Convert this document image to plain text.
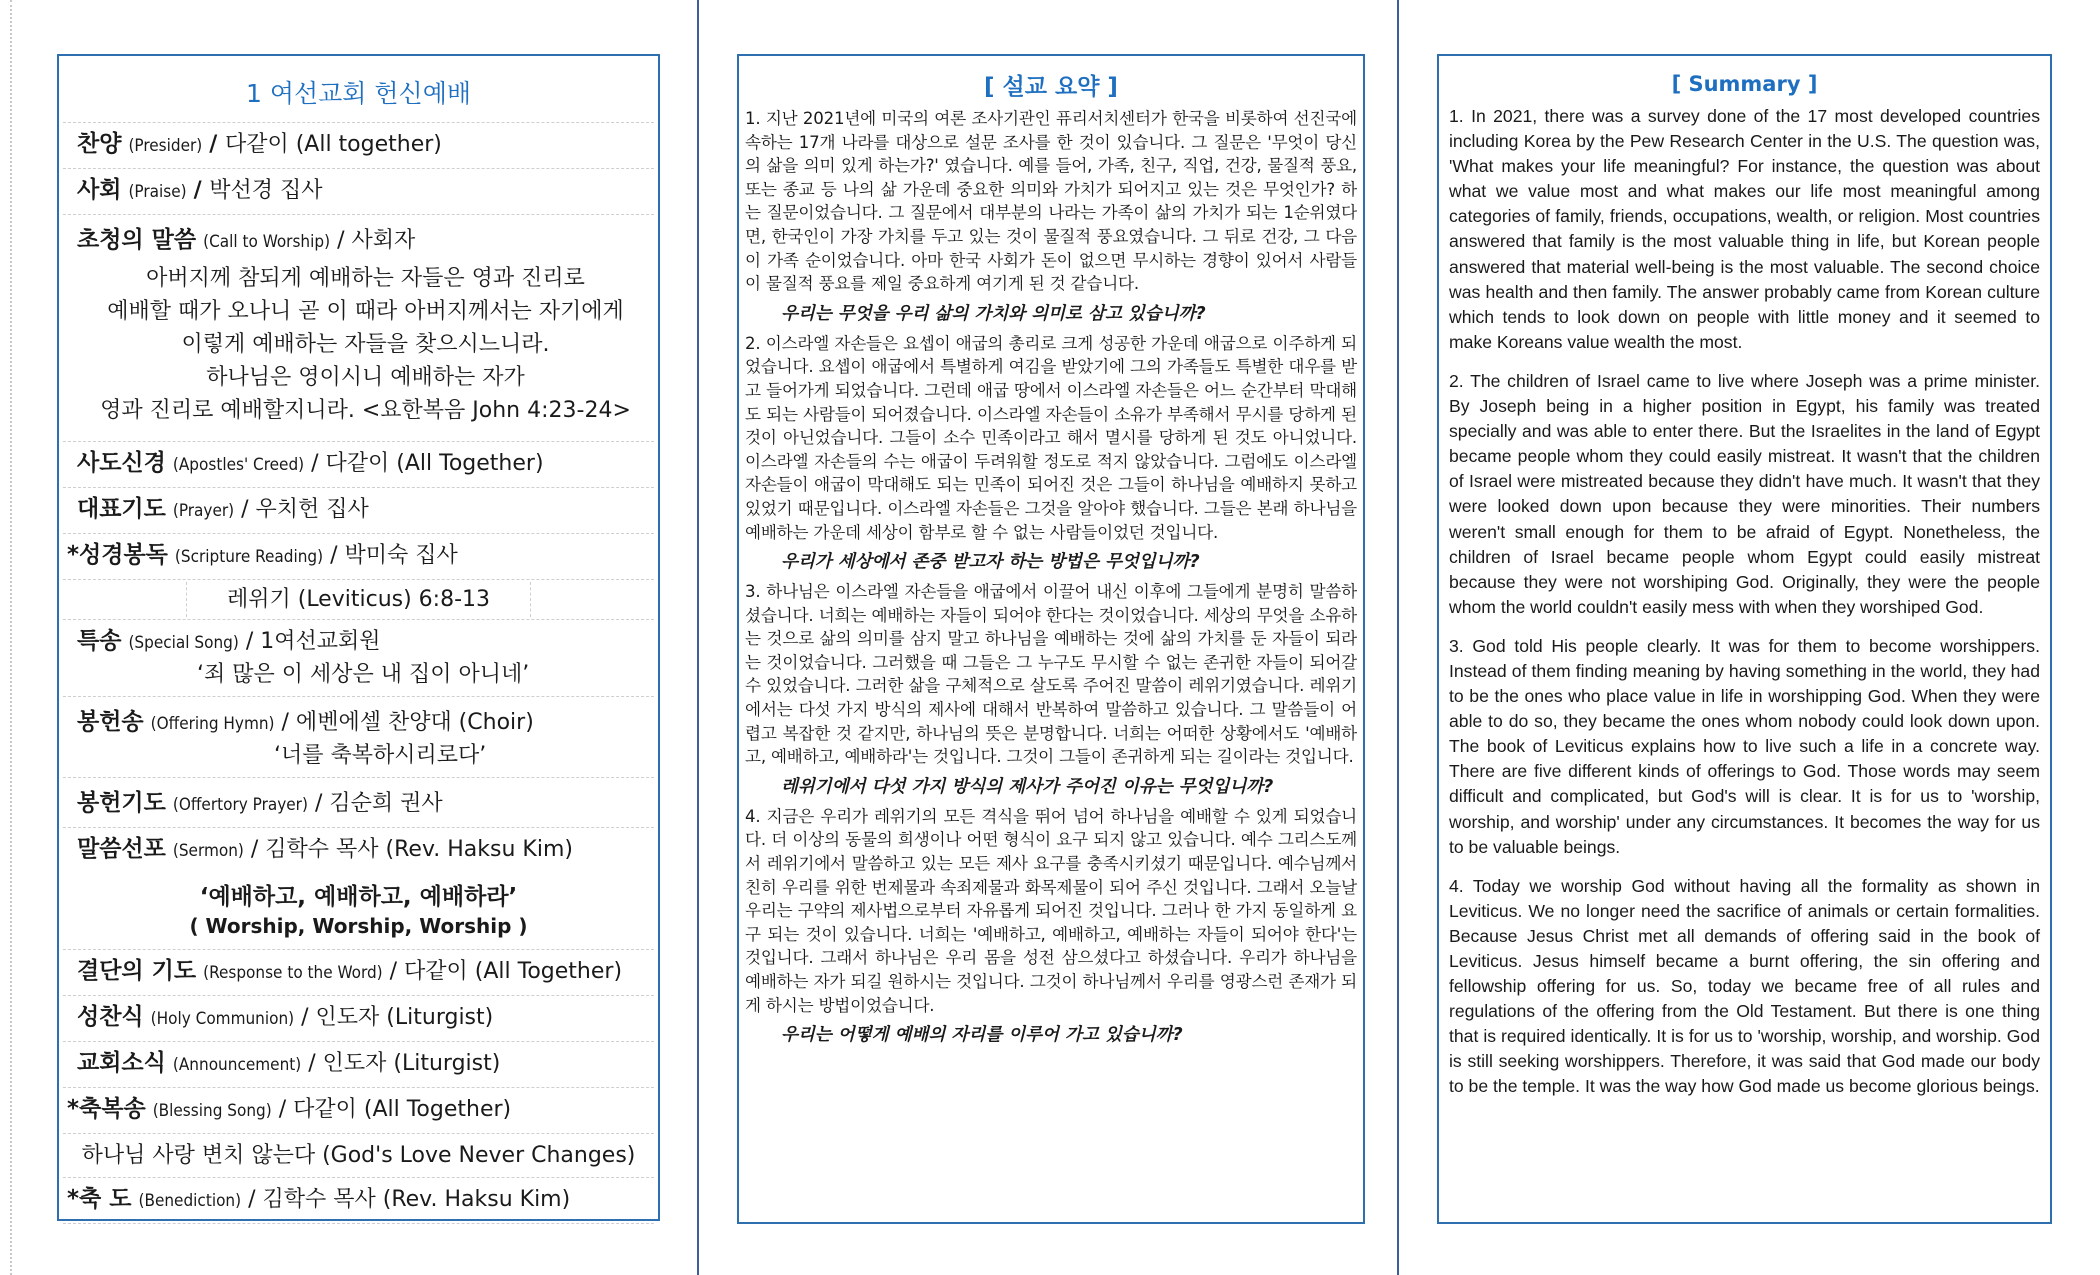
1 여선교회 헌신예배
찬양 (Presider) / 다같이 (All together)
사회 (Praise) / 박선경 집사
초청의 말씀 (Call to Worship) / 사회자
아버지께 참되게 예배하는 자들은 영과 진리로
예배할 때가 오나니 곧 이 때라 아버지께서는 자기에게
이렇게 예배하는 자들을 찾으시느니라.
하나님은 영이시니 예배하는 자가
영과 진리로 예배할지니라. <요한복음 John 4:23-24>
사도신경 (Apostles' Creed) / 다같이 (All Together)
대표기도 (Prayer) / 우치헌 집사
*성경봉독 (Scripture Reading) / 박미숙 집사
레위기 (Leviticus) 6:8-13
특송 (Special Song) / 1여선교회원
‘죄 많은 이 세상은 내 집이 아니네’
봉헌송 (Offering Hymn) / 에벤에셀 찬양대 (Choir)
‘너를 축복하시리로다’
봉헌기도 (Offertory Prayer) / 김순희 권사
말씀선포 (Sermon) / 김학수 목사 (Rev. Haksu Kim)
‘예배하고, 예배하고, 예배하라’
( Worship, Worship, Worship )
결단의 기도 (Response to the Word) / 다같이 (All Together)
성찬식 (Holy Communion) / 인도자 (Liturgist)
교회소식 (Announcement) / 인도자 (Liturgist)
*축복송 (Blessing Song) / 다같이 (All Together)
하나님 사랑 변치 않는다 (God's Love Never Changes)
*축 도 (Benediction) / 김학수 목사 (Rev. Haksu Kim)
[ 설교 요약 ]

1. 지난 2021년에 미국의 여론 조사기관인 퓨리서치센터가 한국을 비롯하여 선진국에 속하는 17개 나라를 대상으로 설문 조사를 한 것이 있습니다. 그 질문은 '무엇이 당신의 삶을 의미 있게 하는가?' 였습니다. 예를 들어, 가족, 친구, 직업, 건강, 물질적 풍요, 또는 종교 등 나의 삶 가운데 중요한 의미와 가치가 되어지고 있는 것은 무엇인가? 하는 질문이었습니다. 그 질문에서 대부분의 나라는 가족이 삶의 가치가 되는 1순위였다면, 한국인이 가장 가치를 두고 있는 것이 물질적 풍요였습니다. 그 뒤로 건강, 그 다음이 가족 순이었습니다. 아마 한국 사회가 돈이 없으면 무시하는 경향이 있어서 사람들이 물질적 풍요를 제일 중요하게 여기게 된 것 같습니다.

우리는 무엇을 우리 삶의 가치와 의미로 삼고 있습니까?

2. 이스라엘 자손들은 요셉이 애굽의 총리로 크게 성공한 가운데 애굽으로 이주하게 되었습니다. 요셉이 애굽에서 특별하게 여김을 받았기에 그의 가족들도 특별한 대우를 받고 들어가게 되었습니다. 그런데 애굽 땅에서 이스라엘 자손들은 어느 순간부터 막대해도 되는 사람들이 되어졌습니다. 이스라엘 자손들이 소유가 부족해서 무시를 당하게 된 것이 아닌었습니다. 그들이 소수 민족이라고 해서 멸시를 당하게 된 것도 아니었니다. 이스라엘 자손들의 수는 애굽이 두려워할 정도로 적지 않았습니다. 그럼에도 이스라엘 자손들이 애굽이 막대해도 되는 민족이 되어진 것은 그들이 하나님을 예배하지 못하고 있었기 때문입니다. 이스라엘 자손들은 그것을 알아야 했습니다. 그들은 본래 하나님을 예배하는 가운데 세상이 함부로 할 수 없는 사람들이었던 것입니다.

우리가 세상에서 존중 받고자 하는 방법은 무엇입니까?

3. 하나님은 이스라엘 자손들을 애굽에서 이끌어 내신 이후에 그들에게 분명히 말씀하셨습니다. 너희는 예배하는 자들이 되어야 한다는 것이었습니다. 세상의 무엇을 소유하는 것으로 삶의 의미를 삼지 말고 하나님을 예배하는 것에 삶의 가치를 둔 자들이 되라는 것이었습니다. 그러했을 때 그들은 그 누구도 무시할 수 없는 존귀한 자들이 되어갈 수 있었습니다. 그러한 삶을 구체적으로 살도록 주어진 말씀이 레위기였습니다. 레위기에서는 다섯 가지 방식의 제사에 대해서 반복하여 말씀하고 있습니다. 그 말씀들이 어렵고 복잡한 것 같지만, 하나님의 뜻은 분명합니다. 너희는 어떠한 상황에서도 '예배하고, 예배하고, 예배하라'는 것입니다. 그것이 그들이 존귀하게 되는 길이라는 것입니다.

레위기에서 다섯 가지 방식의 제사가 주어진 이유는 무엇입니까?

4. 지금은 우리가 레위기의 모든 격식을 뛰어 넘어 하나님을 예배할 수 있게 되었습니다. 더 이상의 동물의 희생이나 어떤 형식이 요구 되지 않고 있습니다. 예수 그리스도께서 레위기에서 말씀하고 있는 모든 제사 요구를 충족시키셨기 때문입니다. 예수님께서 친히 우리를 위한 번제물과 속죄제물과 화목제물이 되어 주신 것입니다. 그래서 오늘날 우리는 구약의 제사법으로부터 자유롭게 되어진 것입니다. 그러나 한 가지 동일하게 요구 되는 것이 있습니다. 너희는 '예배하고, 예배하고, 예배하는 자들이 되어야 한다'는 것입니다. 그래서 하나님은 우리 몸을 성전 삼으셨다고 하셨습니다. 우리가 하나님을 예배하는 자가 되길 원하시는 것입니다. 그것이 하나님께서 우리를 영광스런 존재가 되게 하시는 방법이었습니다.

우리는 어떻게 예배의 자리를 이루어 가고 있습니까?
[ Summary ]

1. In 2021, there was a survey done of the 17 most developed countries including Korea by the Pew Research Center in the U.S. The question was, 'What makes your life meaningful? For instance, the question was about what we value most and what makes our life most meaningful among categories of family, friends, occupations, wealth, or religion. Most countries answered that family is the most valuable thing in life, but Korean people answered that material well-being is the most valuable. The second choice was health and then family. The answer probably came from Korean culture which tends to look down on people with little money and it seemed to make Koreans value wealth the most.

2. The children of Israel came to live where Joseph was a prime minister. By Joseph being in a higher position in Egypt, his family was treated specially and was able to enter there. But the Israelites in the land of Egypt became people whom they could easily mistreat. It wasn't that the children of Israel were mistreated because they didn't have much. It wasn't that they were looked down upon because they were minorities. Their numbers weren't small enough for them to be afraid of Egypt. Nonetheless, the children of Israel became people whom Egypt could easily mistreat because they were not worshiping God. Originally, they were the people whom the world couldn't easily mess with when they worshiped God.

3. God told His people clearly. It was for them to become worshippers. Instead of them finding meaning by having something in the world, they had to be the ones who place value in life in worshipping God. When they were able to do so, they became the ones whom nobody could look down upon. The book of Leviticus explains how to live such a life in a concrete way. There are five different kinds of offerings to God. Those words may seem difficult and complicated, but God's will is clear. It is for us to 'worship, worship, and worship' under any circumstances. It becomes the way for us to be valuable beings.

4. Today we worship God without having all the formality as shown in Leviticus. We no longer need the sacrifice of animals or certain formalities. Because Jesus Christ met all demands of offering said in the book of Leviticus. Jesus himself became a burnt offering, the sin offering and fellowship offering for us. So, today we became free of all rules and regulations of the offering from the Old Testament. But there is one thing that is required identically. It is for us to 'worship, worship, and worship. God is still seeking worshippers. Therefore, it was said that God made our body to be the temple. It was the way how God made us become glorious beings.
